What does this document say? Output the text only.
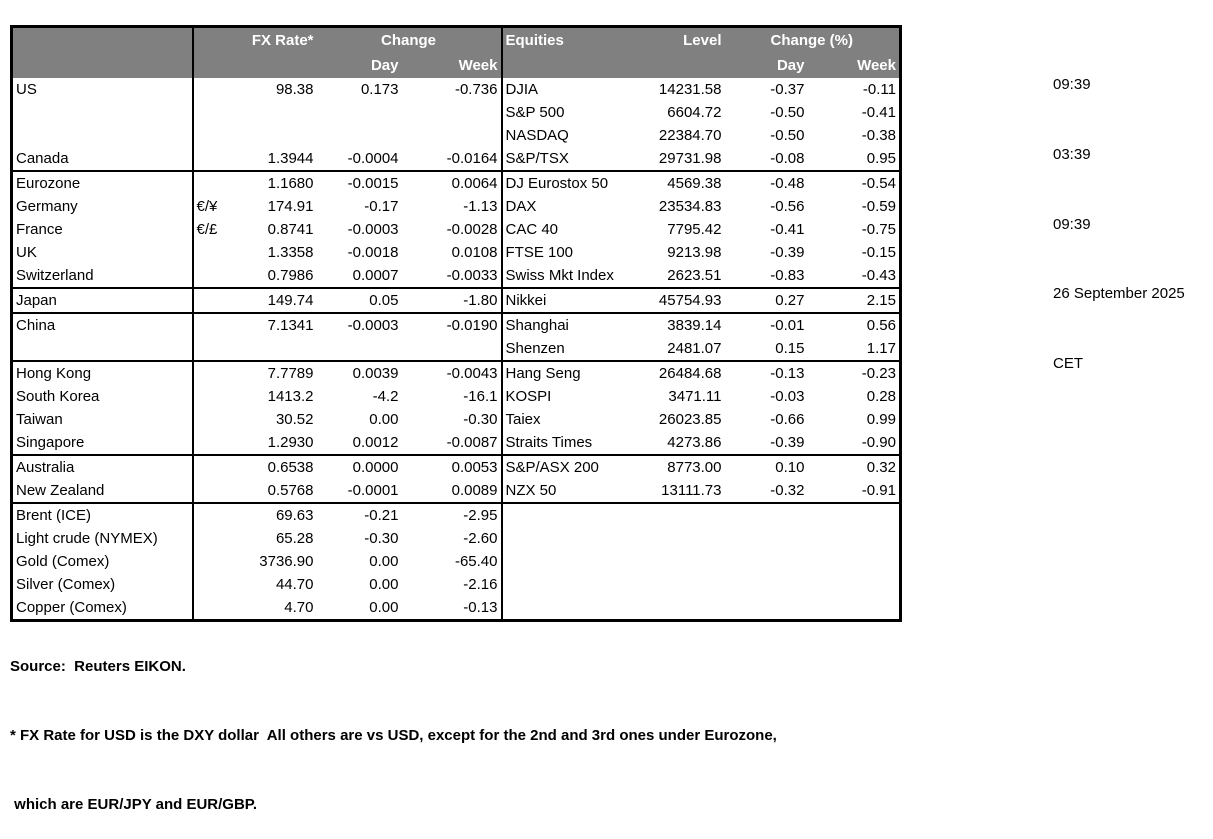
	FX Rate*		Change		Equities	Level	Change (%)	
			Day	Week			Day	Week
US		98.38	0.173	-0.736	DJIA	14231.58	-0.37	-0.11
					S&P 500	6604.72	-0.50	-0.41
					NASDAQ	22384.70	-0.50	-0.38
Canada		1.3944	-0.0004	-0.0164	S&P/TSX	29731.98	-0.08	0.95
Eurozone		1.1680	-0.0015	0.0064	DJ Eurostox 50	4569.38	-0.48	-0.54
Germany	€/¥	174.91	-0.17	-1.13	DAX	23534.83	-0.56	-0.59
France	€/£	0.8741	-0.0003	-0.0028	CAC 40	7795.42	-0.41	-0.75
UK		1.3358	-0.0018	0.0108	FTSE 100	9213.98	-0.39	-0.15
Switzerland		0.7986	0.0007	-0.0033	Swiss Mkt Index	2623.51	-0.83	-0.43
Japan		149.74	0.05	-1.80	Nikkei	45754.93	0.27	2.15
China		7.1341	-0.0003	-0.0190	Shanghai	3839.14	-0.01	0.56
					Shenzen	2481.07	0.15	1.17
Hong Kong		7.7789	0.0039	-0.0043	Hang Seng	26484.68	-0.13	-0.23
South Korea		1413.2	-4.2	-16.1	KOSPI	3471.11	-0.03	0.28
Taiwan		30.52	0.00	-0.30	Taiex	26023.85	-0.66	0.99
Singapore		1.2930	0.0012	-0.0087	Straits Times	4273.86	-0.39	-0.90
Australia		0.6538	0.0000	0.0053	S&P/ASX 200	8773.00	0.10	0.32
New Zealand		0.5768	-0.0001	0.0089	NZX 50	13111.73	-0.32	-0.91
Brent (ICE)		69.63	-0.21	-2.95				
Light crude (NYMEX)		65.28	-0.30	-2.60				
Gold (Comex)		3736.90	0.00	-65.40				
Silver (Comex)		44.70	0.00	-2.16				
Copper (Comex)		4.70	0.00	-0.13				

09:39

03:39

09:39

26 September 2025

CET

Source:  Reuters EIKON.

* FX Rate for USD is the DXY dollar  All others are vs USD, except for the 2nd and 3rd ones under Eurozone,

which are EUR/JPY and EUR/GBP.
